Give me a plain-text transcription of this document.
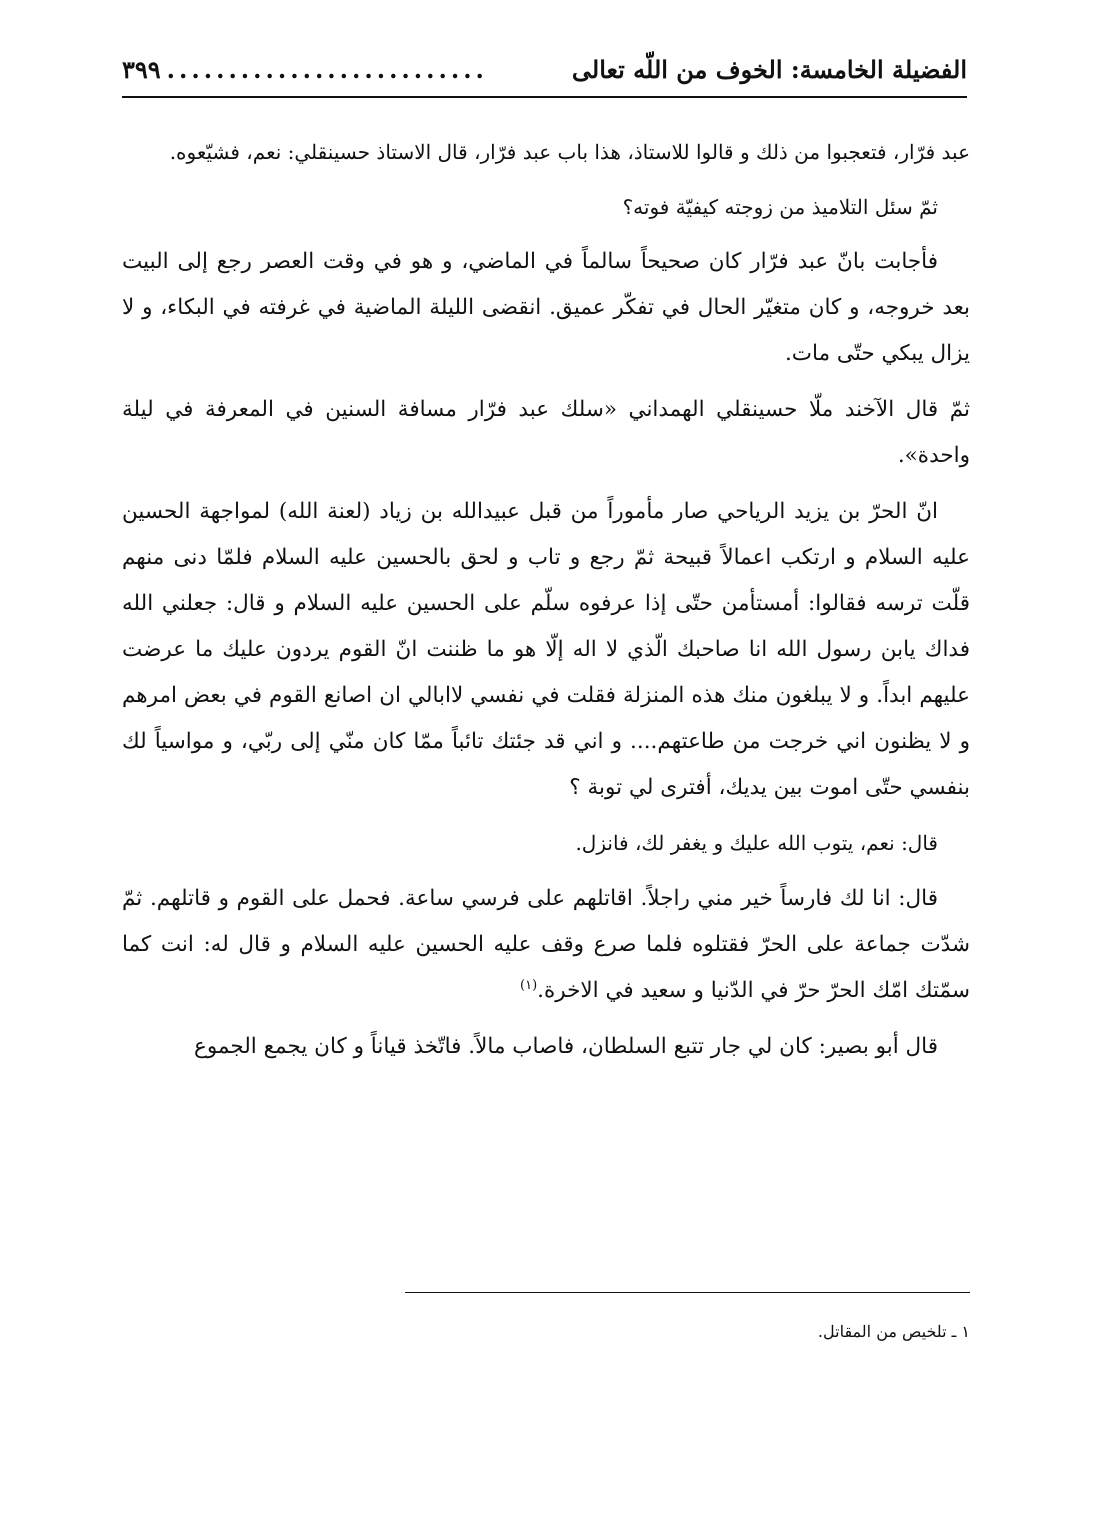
الفضيلة الخامسة: الخوف من اللّه تعالى
..........................
٣٩٩

عبد فرّار، فتعجبوا من ذلك و قالوا للاستاذ، هذا باب عبد فرّار، قال الاستاذ حسينقلي: نعم، فشيّعوه.

ثمّ سئل التلاميذ من زوجته كيفيّة فوته؟

فأجابت بانّ عبد فرّار كان صحيحاً سالماً في الماضي، و هو في وقت العصر رجع إلى البيت بعد خروجه، و كان متغيّر الحال في تفكّر عميق. انقضى الليلة الماضية في غرفته في البكاء، و لا يزال يبكي حتّى مات.

ثمّ قال الآخند ملّا حسينقلي الهمداني «سلك عبد فرّار مسافة السنين في المعرفة في ليلة واحدة».

انّ الحرّ بن يزيد الرياحي صار مأموراً من قبل عبيدالله بن زياد (لعنة الله) لمواجهة الحسين عليه السلام و ارتكب اعمالاً قبيحة ثمّ رجع و تاب و لحق بالحسين عليه السلام فلمّا دنى منهم قلّت ترسه فقالوا: أمستأمن حتّى إذا عرفوه سلّم على الحسين عليه السلام و قال: جعلني الله فداك يابن رسول الله انا صاحبك الّذي لا اله إلّا هو ما ظننت انّ القوم يردون عليك ما عرضت عليهم ابداً. و لا يبلغون منك هذه المنزلة فقلت في نفسي لاابالي ان اصانع القوم في بعض امرهم و لا يظنون اني خرجت من طاعتهم.... و اني قد جئتك تائباً ممّا كان منّي إلى ربّي، و مواسياً لك بنفسي حتّى اموت بين يديك، أفترى لي توبة ؟

قال: نعم، يتوب الله عليك و يغفر لك، فانزل.

قال: انا لك فارساً خير مني راجلاً. اقاتلهم على فرسي ساعة. فحمل على القوم و قاتلهم. ثمّ شدّت جماعة على الحرّ فقتلوه فلما صرع وقف عليه الحسين عليه السلام و قال له: انت كما سمّتك امّك الحرّ حرّ في الدّنيا و سعيد في الاخرة.$^{(١)}$

قال أبو بصير: كان لي جار تتبع السلطان، فاصاب مالاً. فاتّخذ قياناً و كان يجمع الجموع

١ ـ تلخيص من المقاتل.
